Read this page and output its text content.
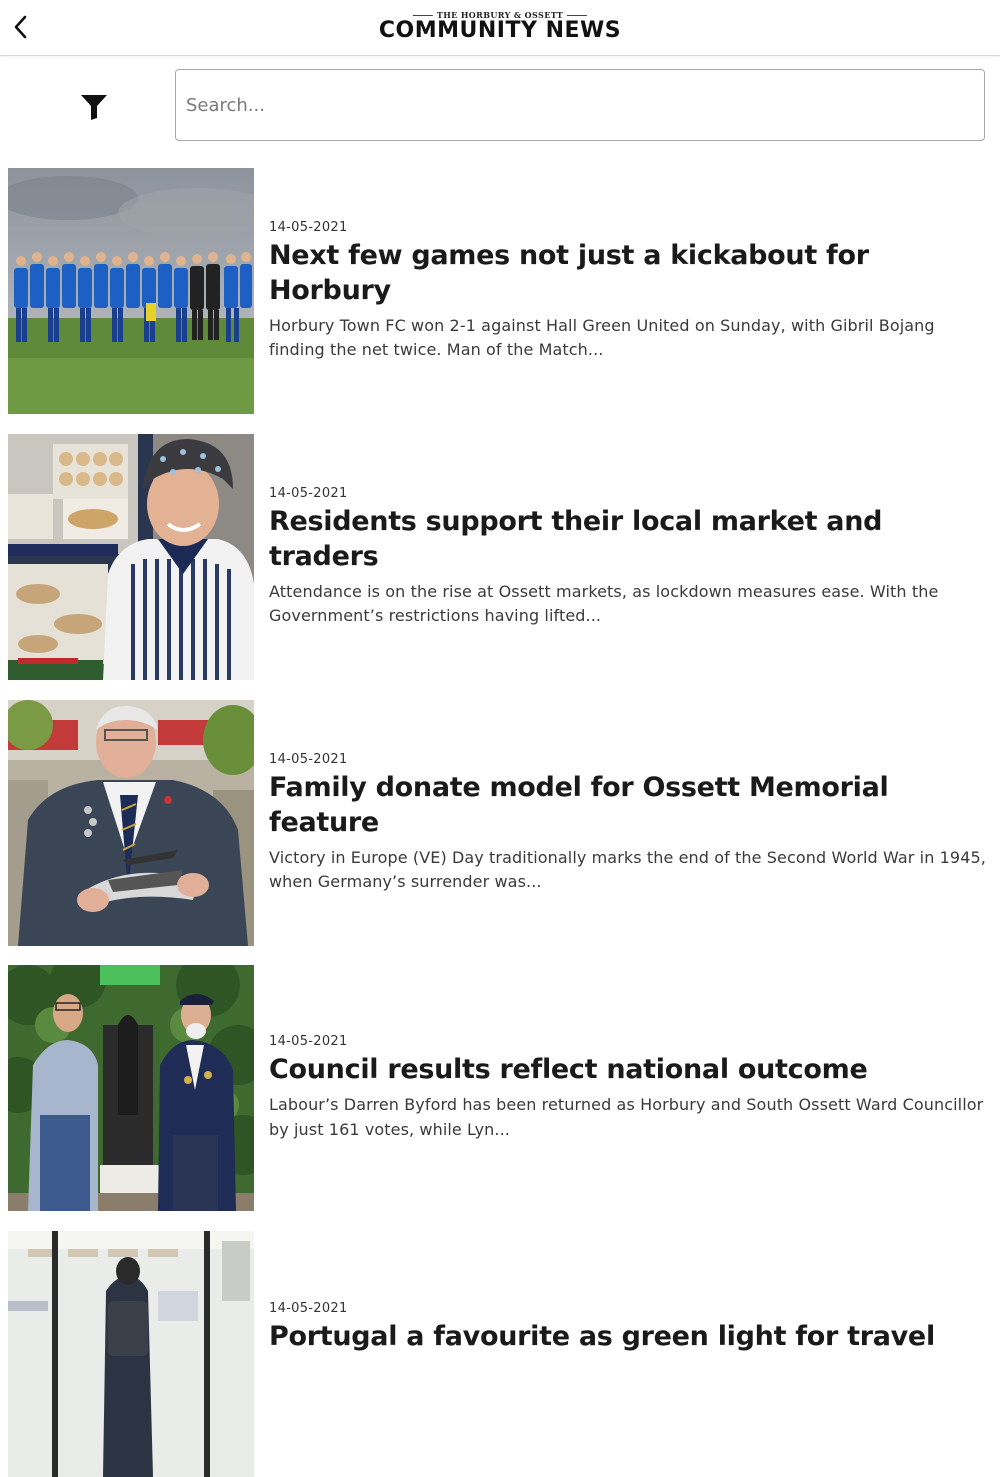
THE HORBURY & OSSETT
COMMUNITY NEWS
Search...
14-05-2021
Next few games not just a kickabout for Horbury
Horbury Town FC won 2-1 against Hall Green United on Sunday, with Gibril Bojang finding the net twice. Man of the Match...
14-05-2021
Residents support their local market and traders
Attendance is on the rise at Ossett markets, as lockdown measures ease. With the Government’s restrictions having lifted...
14-05-2021
Family donate model for Ossett Memorial feature
Victory in Europe (VE) Day traditionally marks the end of the Second World War in 1945, when Germany’s surrender was...
14-05-2021
Council results reflect national outcome
Labour’s Darren Byford has been returned as Horbury and South Ossett Ward Councillor by just 161 votes, while Lyn...
14-05-2021
Portugal a favourite as green light for travel
